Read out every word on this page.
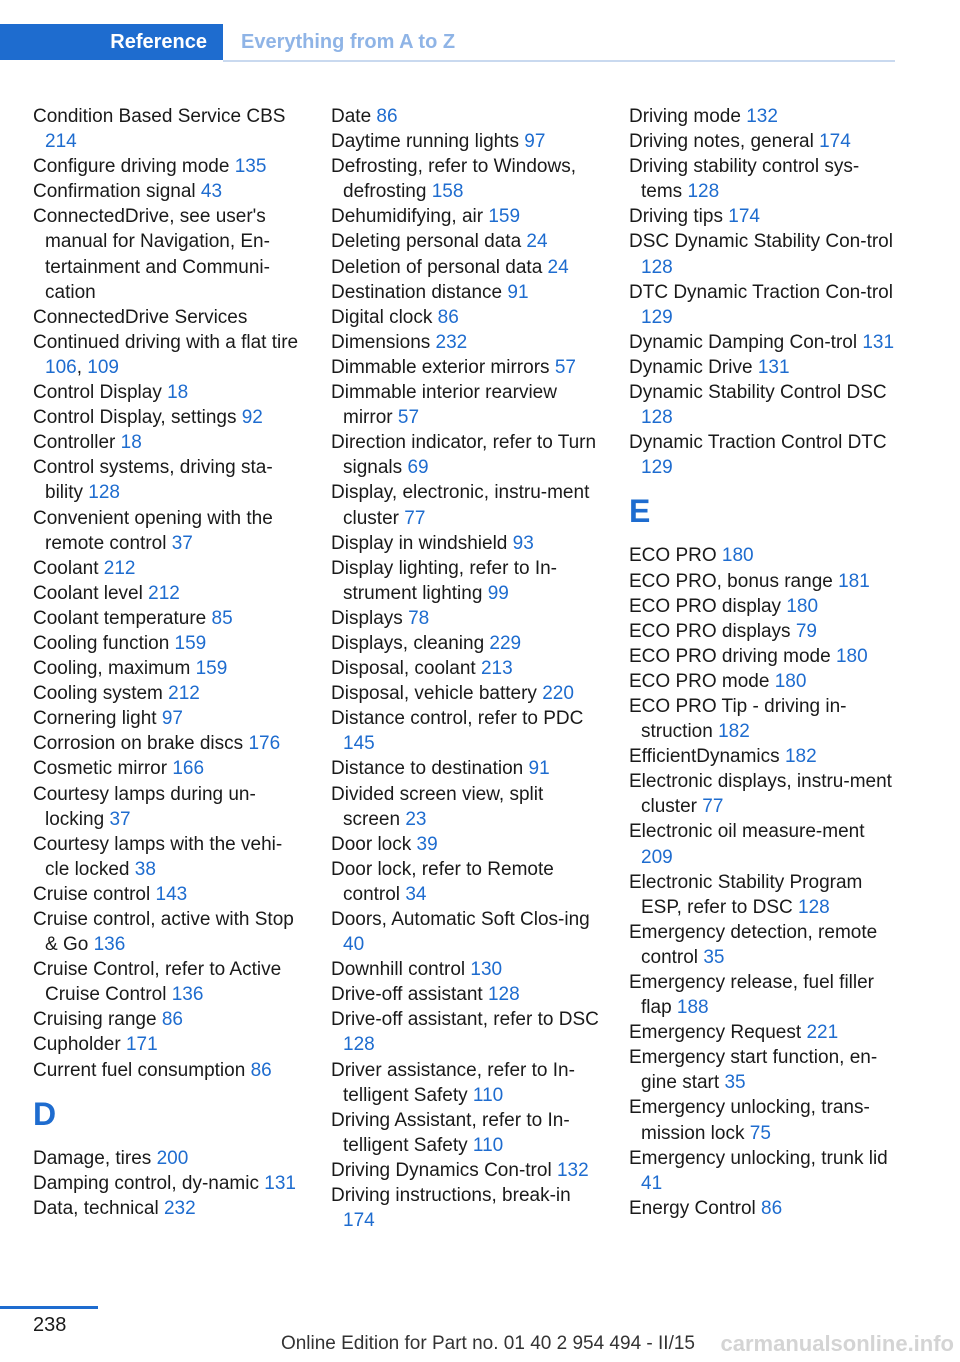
Reference	Everything from A to Z
Condition Based Service CBS 214
Configure driving mode 135
Confirmation signal 43
ConnectedDrive, see user's manual for Navigation, En-tertainment and Communi-cation
ConnectedDrive Services
Continued driving with a flat tire 106, 109
Control Display 18
Control Display, settings 92
Controller 18
Control systems, driving sta-bility 128
Convenient opening with the remote control 37
Coolant 212
Coolant level 212
Coolant temperature 85
Cooling function 159
Cooling, maximum 159
Cooling system 212
Cornering light 97
Corrosion on brake discs 176
Cosmetic mirror 166
Courtesy lamps during un-locking 37
Courtesy lamps with the vehi-cle locked 38
Cruise control 143
Cruise control, active with Stop & Go 136
Cruise Control, refer to Active Cruise Control 136
Cruising range 86
Cupholder 171
Current fuel consumption 86
D
Damage, tires 200
Damping control, dy-namic 131
Data, technical 232
Date 86
Daytime running lights 97
Defrosting, refer to Windows, defrosting 158
Dehumidifying, air 159
Deleting personal data 24
Deletion of personal data 24
Destination distance 91
Digital clock 86
Dimensions 232
Dimmable exterior mirrors 57
Dimmable interior rearview mirror 57
Direction indicator, refer to Turn signals 69
Display, electronic, instru-ment cluster 77
Display in windshield 93
Display lighting, refer to In-strument lighting 99
Displays 78
Displays, cleaning 229
Disposal, coolant 213
Disposal, vehicle battery 220
Distance control, refer to PDC 145
Distance to destination 91
Divided screen view, split screen 23
Door lock 39
Door lock, refer to Remote control 34
Doors, Automatic Soft Clos-ing 40
Downhill control 130
Drive-off assistant 128
Drive-off assistant, refer to DSC 128
Driver assistance, refer to In-telligent Safety 110
Driving Assistant, refer to In-telligent Safety 110
Driving Dynamics Con-trol 132
Driving instructions, break-in 174
Driving mode 132
Driving notes, general 174
Driving stability control sys-tems 128
Driving tips 174
DSC Dynamic Stability Con-trol 128
DTC Dynamic Traction Con-trol 129
Dynamic Damping Con-trol 131
Dynamic Drive 131
Dynamic Stability Control DSC 128
Dynamic Traction Control DTC 129
E
ECO PRO 180
ECO PRO, bonus range 181
ECO PRO display 180
ECO PRO displays 79
ECO PRO driving mode 180
ECO PRO mode 180
ECO PRO Tip - driving in-struction 182
EfficientDynamics 182
Electronic displays, instru-ment cluster 77
Electronic oil measure-ment 209
Electronic Stability Program ESP, refer to DSC 128
Emergency detection, remote control 35
Emergency release, fuel filler flap 188
Emergency Request 221
Emergency start function, en-gine start 35
Emergency unlocking, trans-mission lock 75
Emergency unlocking, trunk lid 41
Energy Control 86
238
Online Edition for Part no. 01 40 2 954 494 - II/15 carmanualsonline.info
